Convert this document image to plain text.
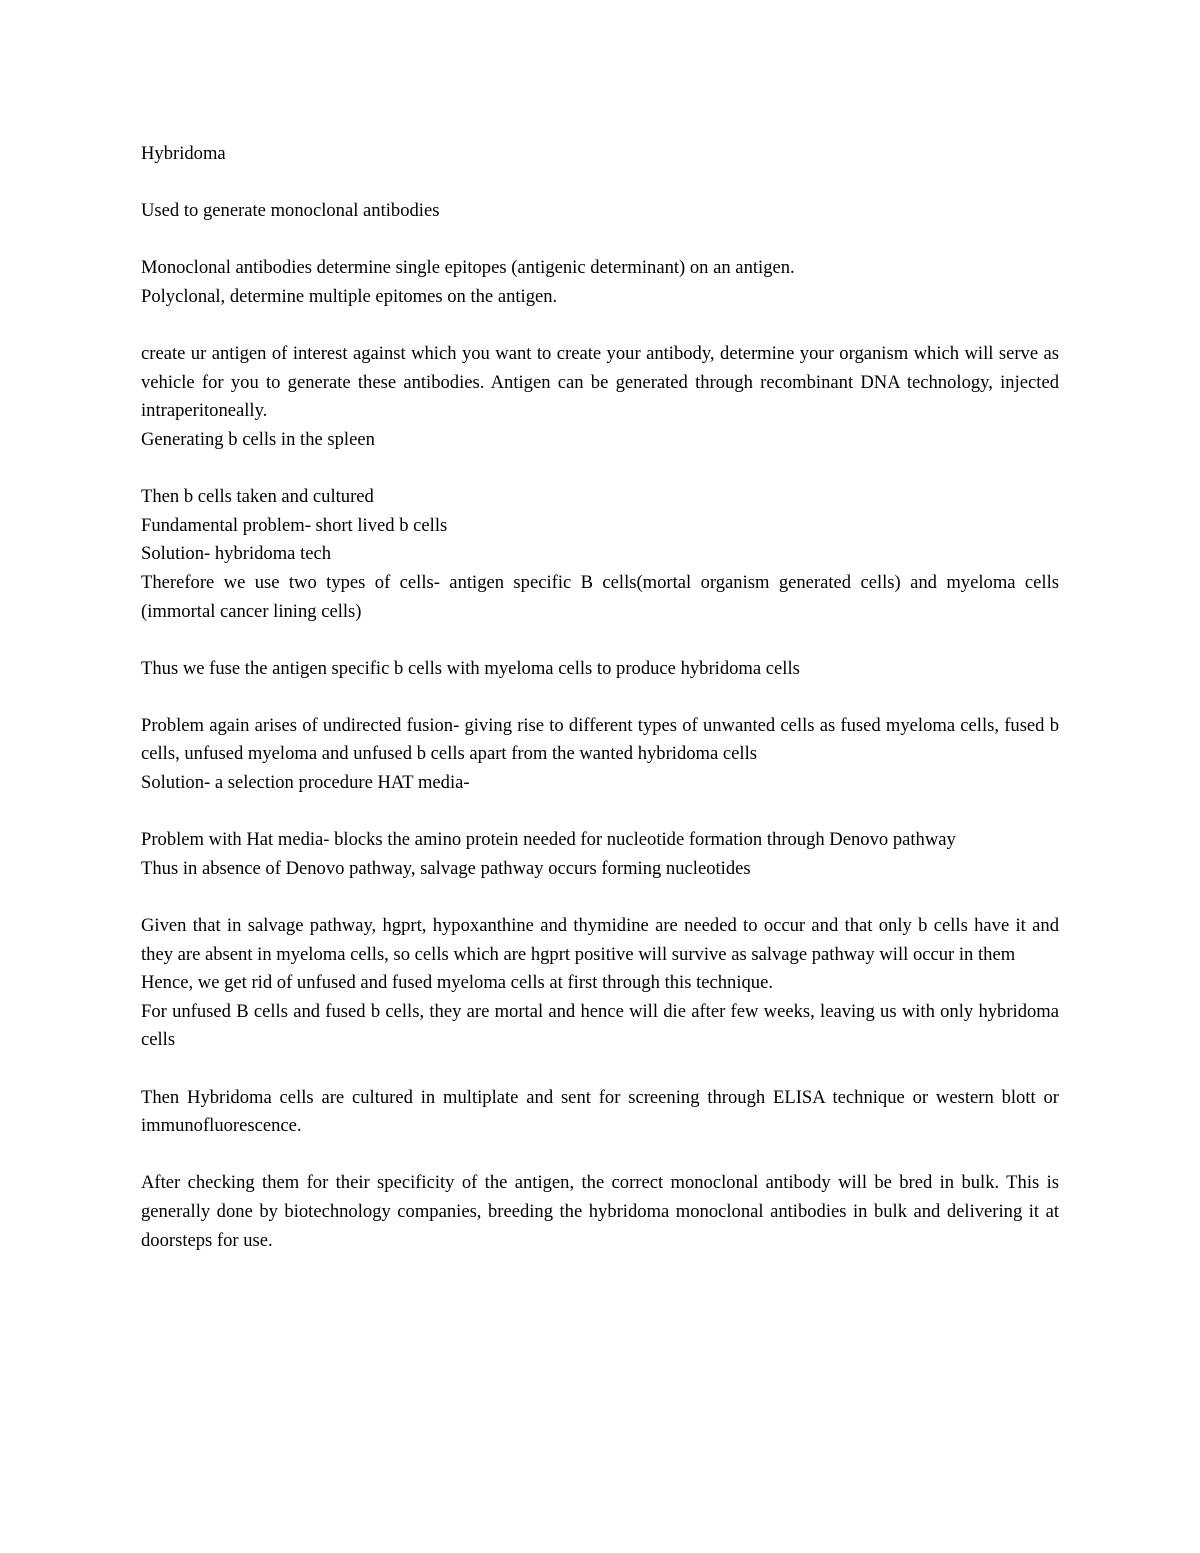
Hybridoma

Used to generate monoclonal antibodies

Monoclonal antibodies determine single epitopes (antigenic determinant) on an antigen.

Polyclonal, determine multiple epitomes on the antigen.

create ur antigen of interest against which you want to create your antibody, determine your organism which will serve as vehicle for you to generate these antibodies. Antigen can be generated through recombinant DNA technology, injected intraperitoneally.

Generating b cells in the spleen

Then b cells taken and cultured

Fundamental problem- short lived b cells

Solution- hybridoma tech

Therefore we use two types of cells- antigen specific B cells(mortal organism generated cells) and myeloma cells (immortal cancer lining cells)

Thus we fuse the antigen specific b cells with myeloma cells to produce hybridoma cells

Problem again arises of undirected fusion- giving rise to different types of unwanted cells as fused myeloma cells, fused b cells, unfused myeloma and unfused b cells apart from the wanted hybridoma cells

Solution- a selection procedure HAT media-

Problem with Hat media- blocks the amino protein needed for nucleotide formation through Denovo pathway

Thus in absence of Denovo pathway, salvage pathway occurs forming nucleotides

Given that in salvage pathway, hgprt, hypoxanthine and thymidine are needed to occur and that only b cells have it and they are absent in myeloma cells, so cells which are hgprt positive will survive as salvage pathway will occur in them

Hence, we get rid of unfused and fused myeloma cells at first through this technique.

For unfused B cells and fused b cells, they are mortal and hence will die after few weeks, leaving us with only hybridoma cells

Then Hybridoma cells are cultured in multiplate and sent for screening through ELISA technique or western blott or immunofluorescence.

After checking them for their specificity of the antigen, the correct monoclonal antibody will be bred in bulk. This is generally done by biotechnology companies, breeding the hybridoma monoclonal antibodies in bulk and delivering it at doorsteps for use.
